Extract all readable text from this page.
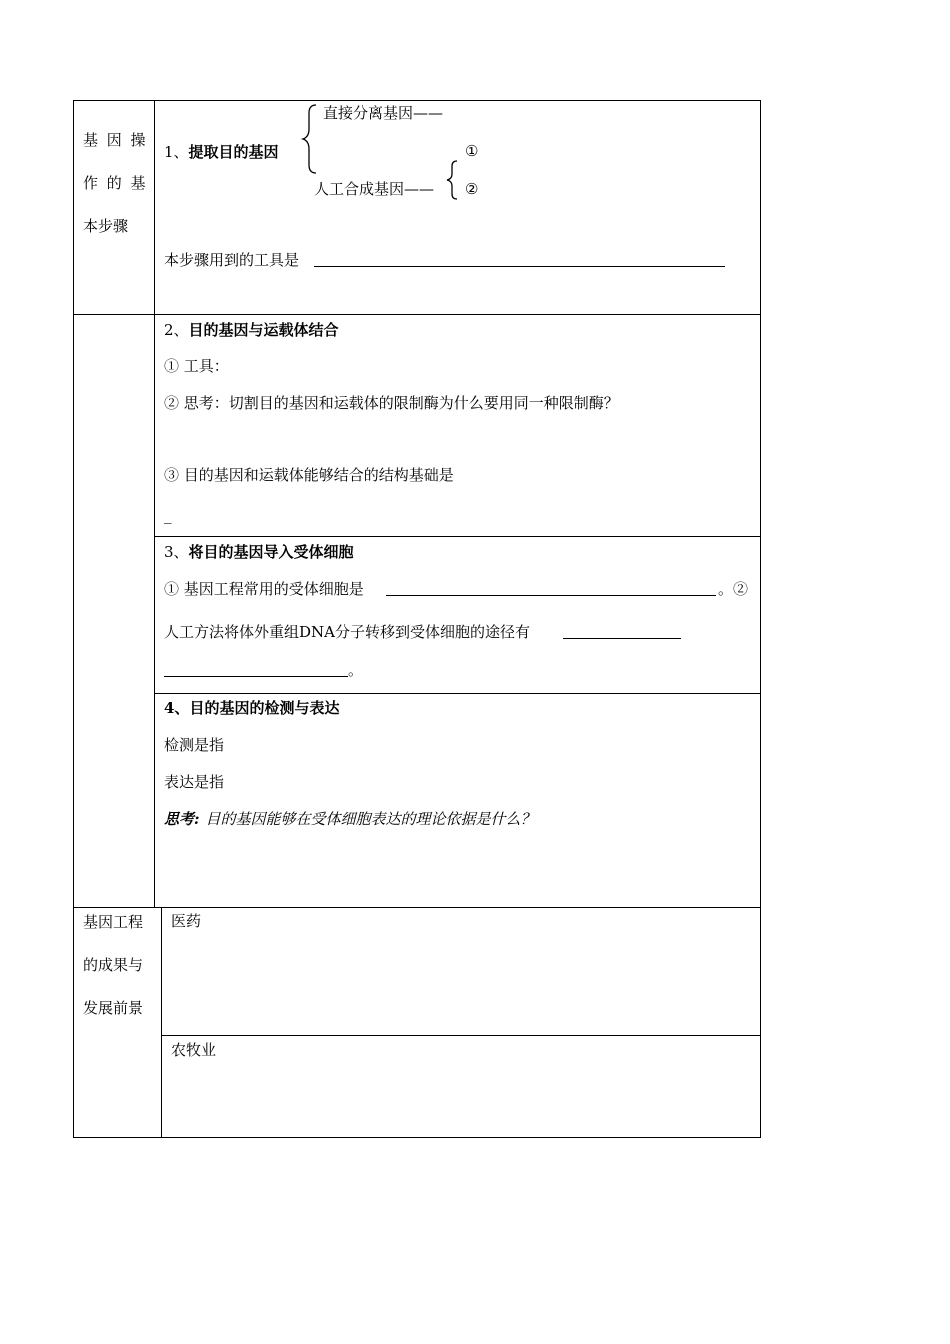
基 因 操
作 的 基
本步骤
1、提取目的基因
直接分离基因——
①
人工合成基因—— ②
本步骤用到的工具是
2、目的基因与运载体结合
① 工具：
② 思考：切割目的基因和运载体的限制酶为什么要用同一种限制酶？
③ 目的基因和运载体能够结合的结构基础是
_
3、将目的基因导入受体细胞
① 基因工程常用的受体细胞是	。②
人工方法将体外重组DNA分子转移到受体细胞的途径有
。
4、目的基因的检测与表达
检测是指
表达是指
思考: 目的基因能够在受体细胞表达的理论依据是什么？
基因工程
的成果与
发展前景
医药
农牧业
